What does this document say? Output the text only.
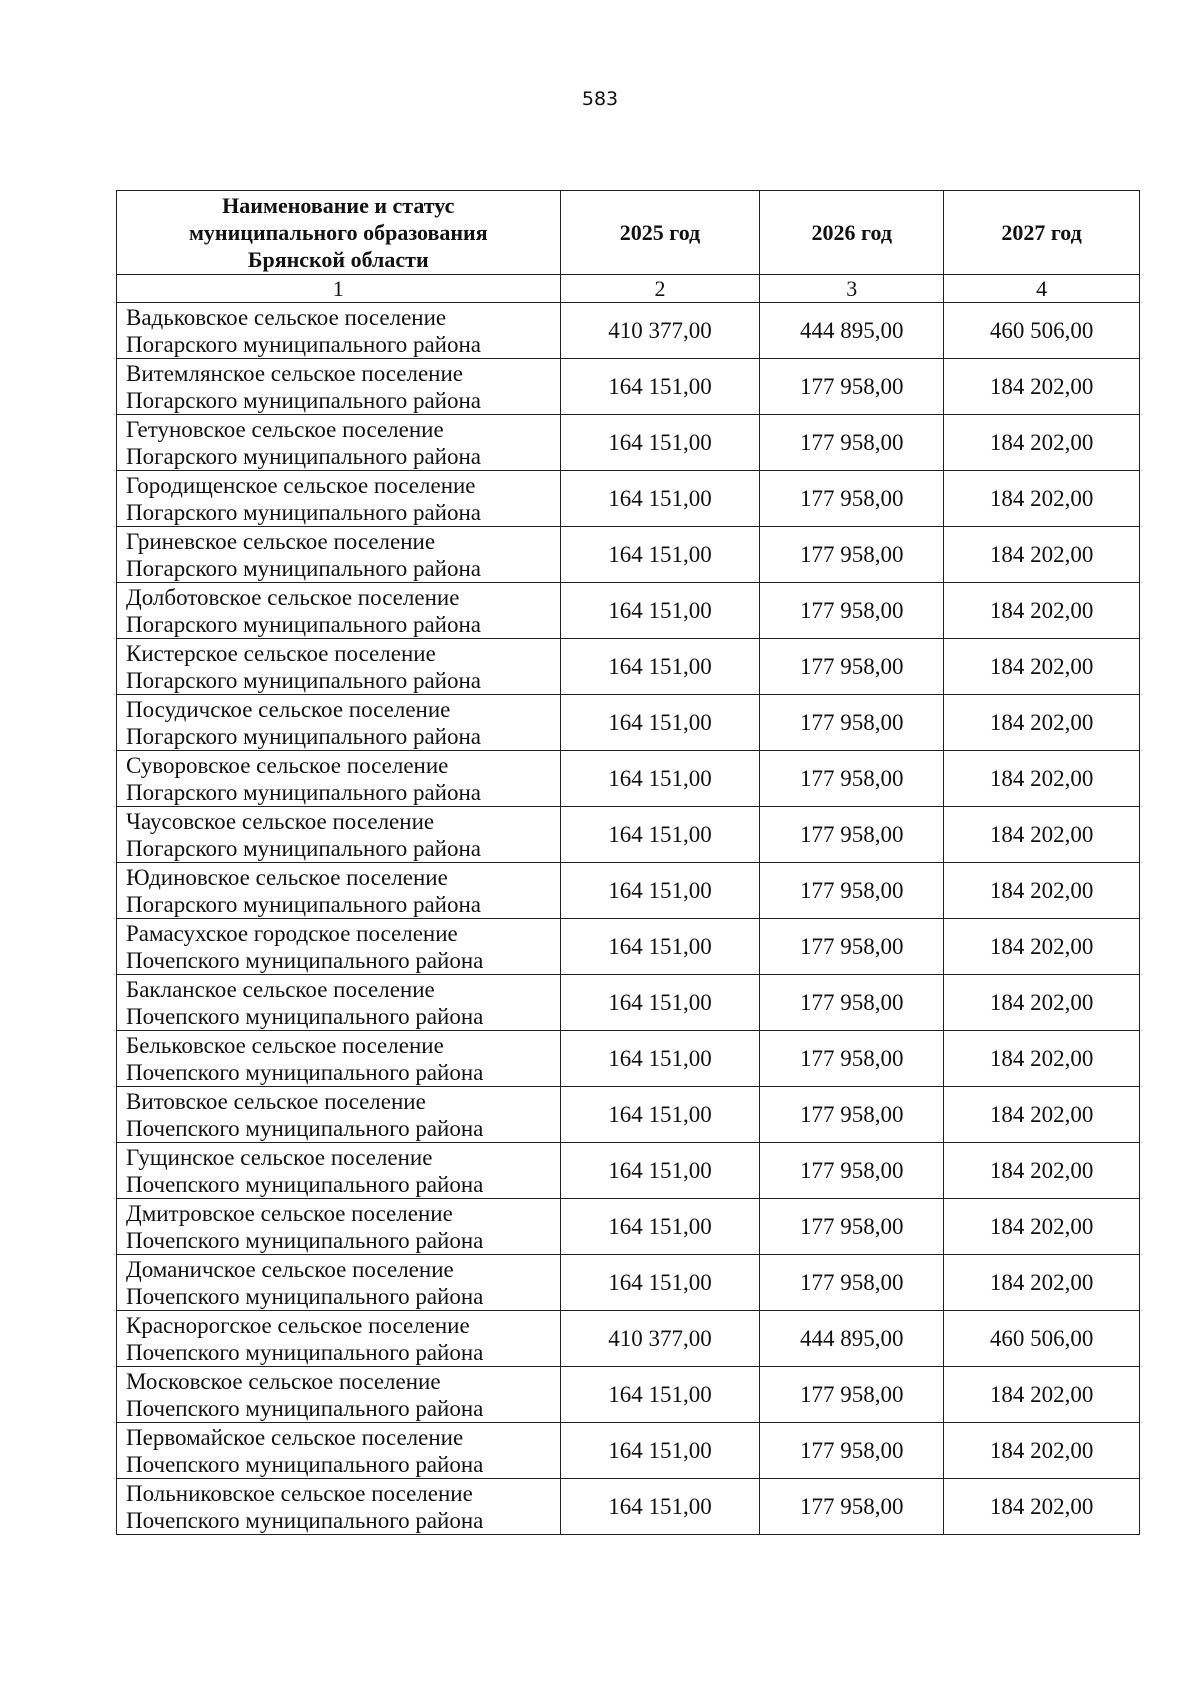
583
Наименование и статус
муниципального образования
Брянской области	2025 год	2026 год	2027 год
1	2	3	4

Вадьковское сельское поселение
Погарского муниципального района	410 377,00	444 895,00	460 506,00

Витемлянское сельское поселение
Погарского муниципального района	164 151,00	177 958,00	184 202,00

Гетуновское сельское поселение
Погарского муниципального района	164 151,00	177 958,00	184 202,00

Городищенское сельское поселение
Погарского муниципального района	164 151,00	177 958,00	184 202,00

Гриневское сельское поселение
Погарского муниципального района	164 151,00	177 958,00	184 202,00

Долботовское сельское поселение
Погарского муниципального района	164 151,00	177 958,00	184 202,00

Кистерское сельское поселение
Погарского муниципального района	164 151,00	177 958,00	184 202,00

Посудичское сельское поселение
Погарского муниципального района	164 151,00	177 958,00	184 202,00

Суворовское сельское поселение
Погарского муниципального района	164 151,00	177 958,00	184 202,00

Чаусовское сельское поселение
Погарского муниципального района	164 151,00	177 958,00	184 202,00

Юдиновское сельское поселение
Погарского муниципального района	164 151,00	177 958,00	184 202,00

Рамасухское городское поселение
Почепского муниципального района	164 151,00	177 958,00	184 202,00

Бакланское сельское поселение
Почепского муниципального района	164 151,00	177 958,00	184 202,00

Бельковское сельское поселение
Почепского муниципального района	164 151,00	177 958,00	184 202,00

Витовское сельское поселение
Почепского муниципального района	164 151,00	177 958,00	184 202,00

Гущинское сельское поселение
Почепского муниципального района	164 151,00	177 958,00	184 202,00

Дмитровское сельское поселение
Почепского муниципального района	164 151,00	177 958,00	184 202,00

Доманичское сельское поселение
Почепского муниципального района	164 151,00	177 958,00	184 202,00

Краснорогское сельское поселение
Почепского муниципального района	410 377,00	444 895,00	460 506,00

Московское сельское поселение
Почепского муниципального района	164 151,00	177 958,00	184 202,00

Первомайское сельское поселение
Почепского муниципального района	164 151,00	177 958,00	184 202,00

Польниковское сельское поселение
Почепского муниципального района	164 151,00	177 958,00	184 202,00
